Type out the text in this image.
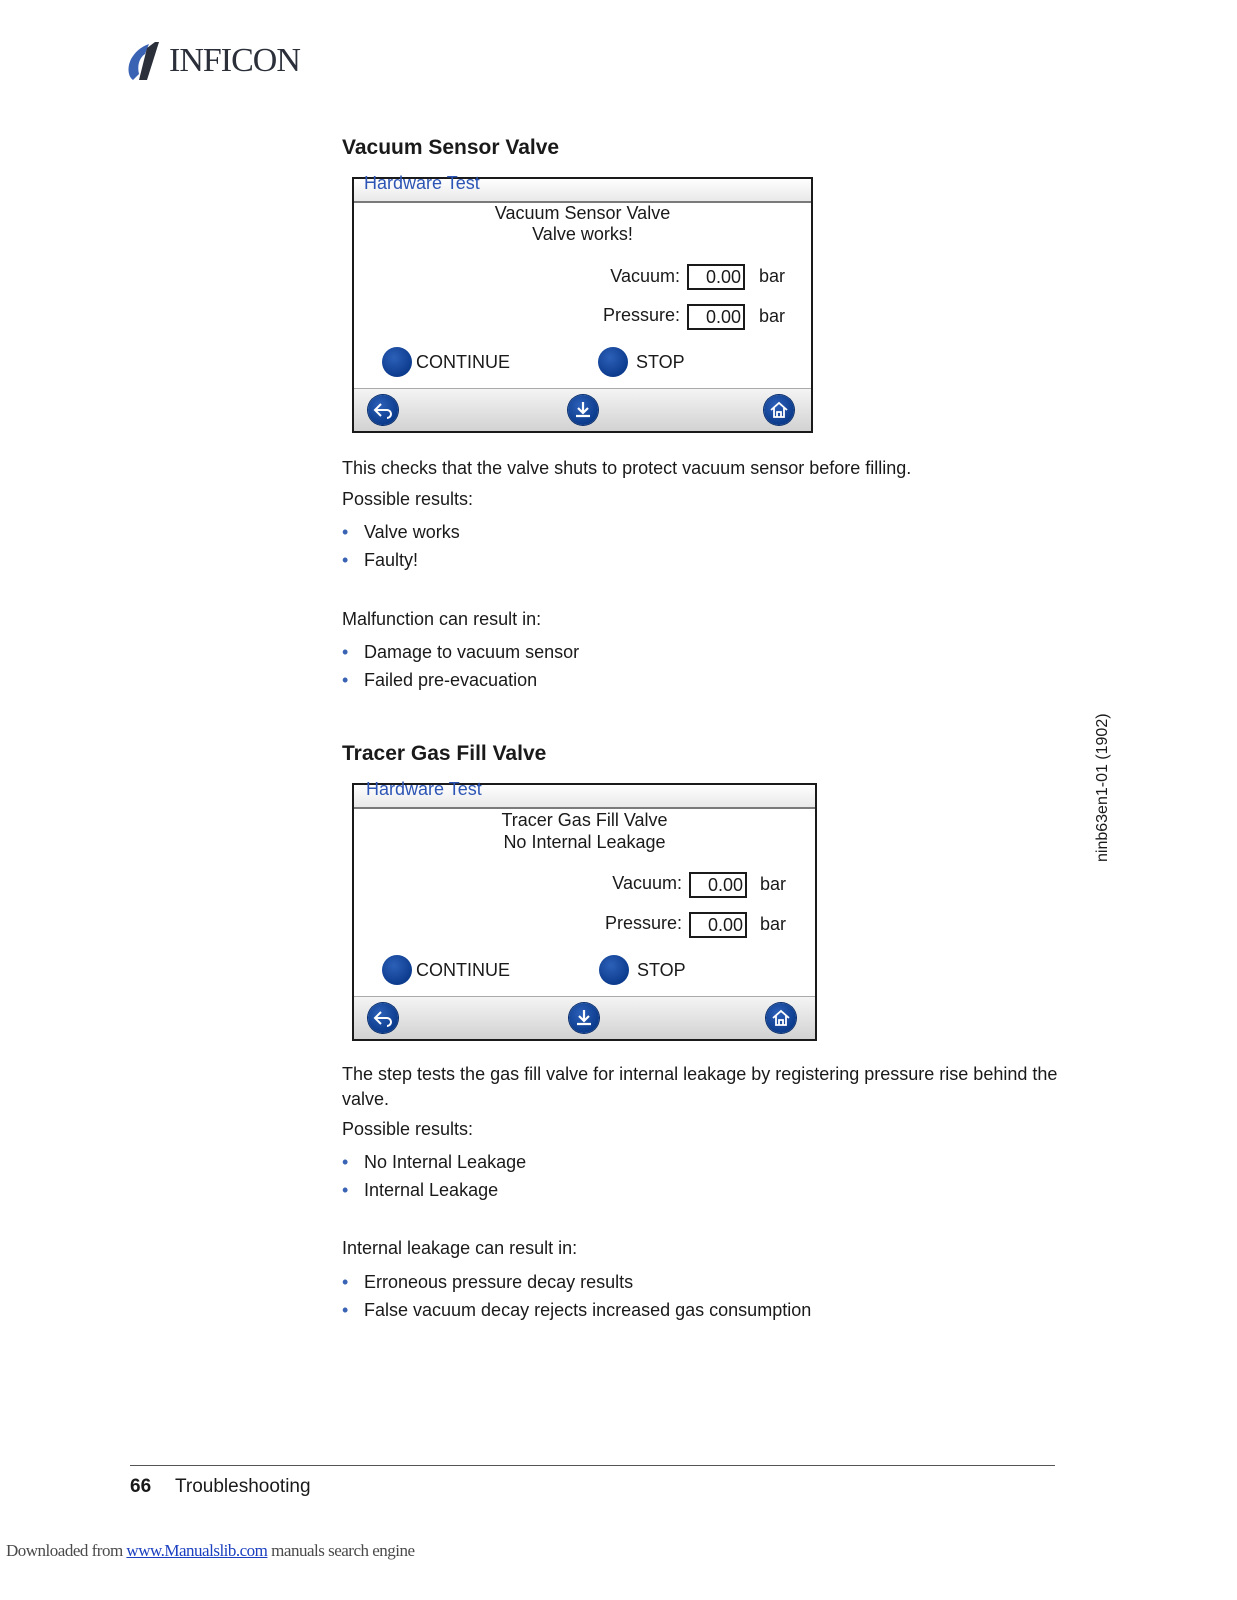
INFICON
Vacuum Sensor Valve
Hardware Test
Vacuum Sensor Valve
Valve works!
Vacuum:	0.00 bar
Pressure:	0.00 bar
CONTINUE	STOP

This checks that the valve shuts to protect vacuum sensor before filling.

Possible results:

• Valve works
• Faulty!

Malfunction can result in:

• Damage to vacuum sensor
• Failed pre-evacuation
Tracer Gas Fill Valve
Hardware Test
Tracer Gas Fill Valve
No Internal Leakage
Vacuum:	0.00 bar
Pressure:	0.00 bar
CONTINUE	STOP

The step tests the gas fill valve for internal leakage by registering pressure rise behind the valve.

Possible results:

• No Internal Leakage
• Internal Leakage

Internal leakage can result in:

• Erroneous pressure decay results
• False vacuum decay rejects increased gas consumption
ninb63en1-01 (1902)
66 Troubleshooting
Downloaded from www.Manualslib.com manuals search engine
